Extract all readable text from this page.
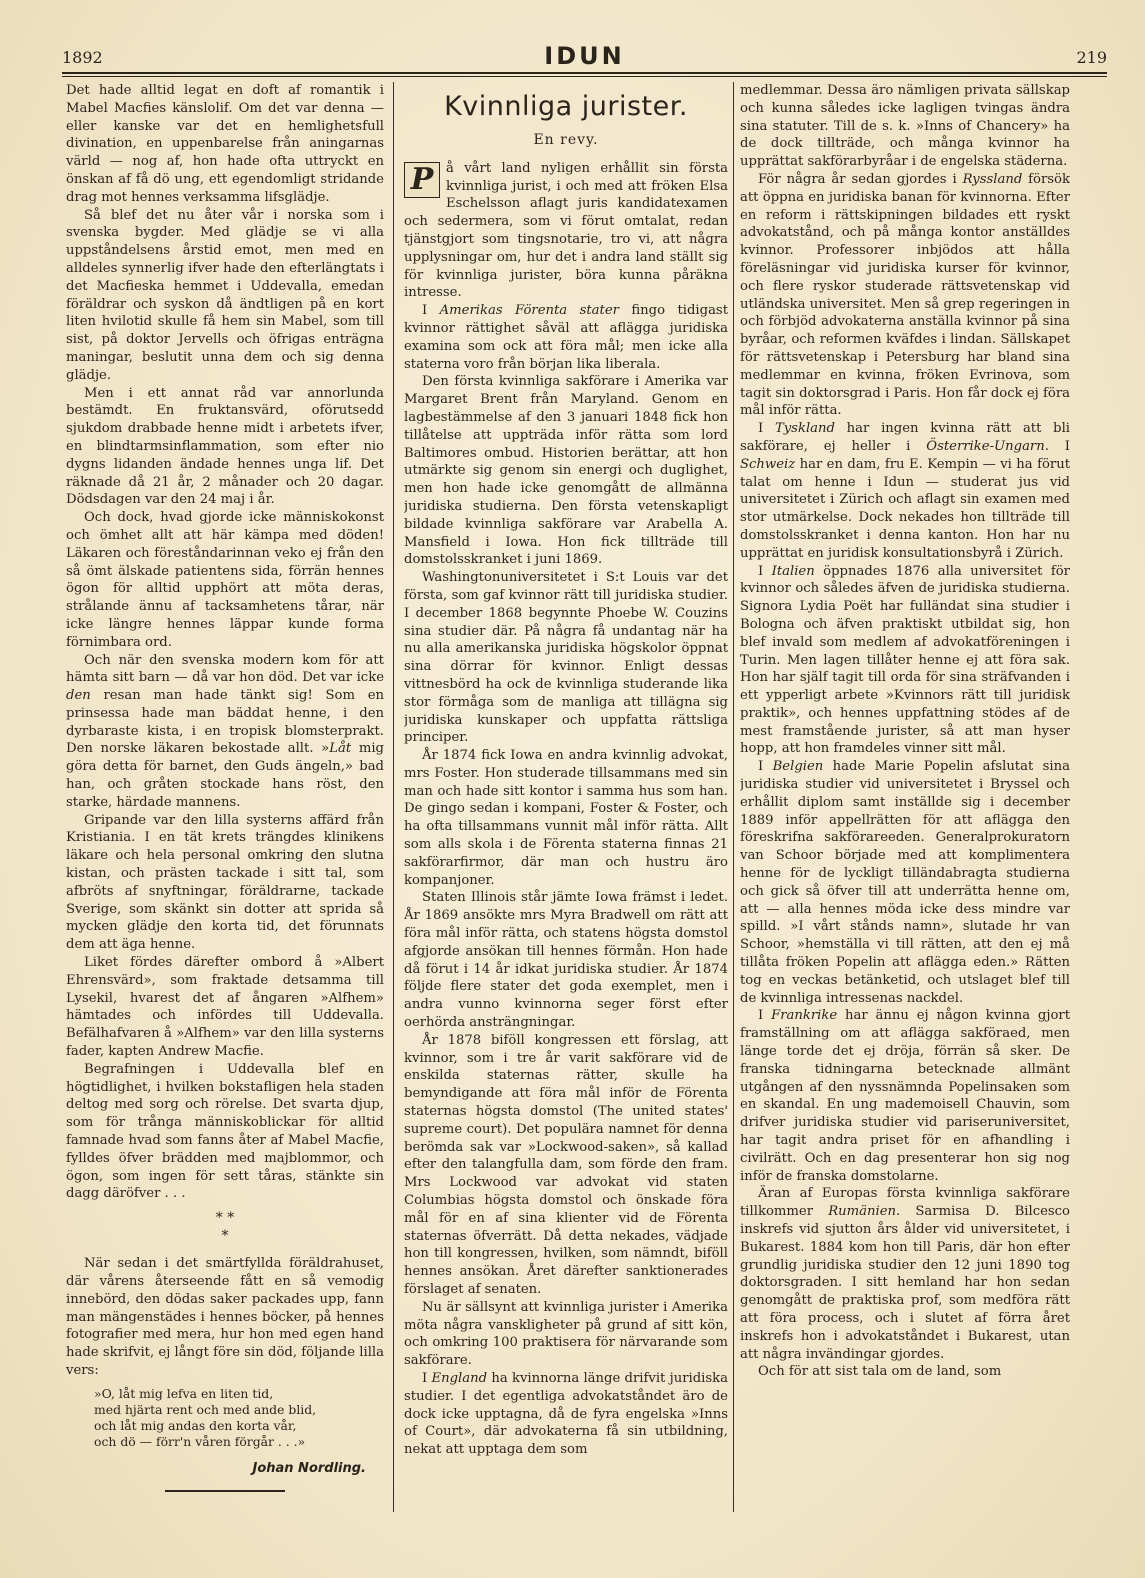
1892	IDUN	219

Det hade alltid legat en doft af romantik i Mabel Macfies känslolif. Om det var denna — eller kanske var det en hemlighetsfull divination, en uppenbarelse från aningarnas värld — nog af, hon hade ofta uttryckt en önskan af få dö ung, ett egendomligt stridande drag mot hennes verksamma lifsglädje.

Så blef det nu åter vår i norska som i svenska bygder. Med glädje se vi alla uppståndelsens årstid emot, men med en alldeles synnerlig ifver hade den efterlängtats i det Macfieska hemmet i Uddevalla, emedan föräldrar och syskon då ändtligen på en kort liten hvilotid skulle få hem sin Mabel, som till sist, på doktor Jervells och öfrigas enträgna maningar, beslutit unna dem och sig denna glädje.

Men i ett annat råd var annorlunda bestämdt. En fruktansvärd, oförutsedd sjukdom drabbade henne midt i arbetets ifver, en blindtarmsinflammation, som efter nio dygns lidanden ändade hennes unga lif. Det räknade då 21 år, 2 månader och 20 dagar. Dödsdagen var den 24 maj i år.

Och dock, hvad gjorde icke människokonst och ömhet allt att här kämpa med döden! Läkaren och föreståndarinnan veko ej från den så ömt älskade patientens sida, förrän hennes ögon för alltid upphört att möta deras, strålande ännu af tacksamhetens tårar, när icke längre hennes läppar kunde forma förnimbara ord.

Och när den svenska modern kom för att hämta sitt barn — då var hon död. Det var icke den resan man hade tänkt sig! Som en prinsessa hade man bäddat henne, i den dyrbaraste kista, i en tropisk blomsterprakt. Den norske läkaren bekostade allt. »Låt mig göra detta för barnet, den Guds ängeln,» bad han, och gråten stockade hans röst, den starke, härdade mannens.

Gripande var den lilla systerns affärd från Kristiania. I en tät krets trängdes klinikens läkare och hela personal omkring den slutna kistan, och prästen tackade i sitt tal, som afbröts af snyftningar, föräldrarne, tackade Sverige, som skänkt sin dotter att sprida så mycken glädje den korta tid, det förunnats dem att äga henne.

Liket fördes därefter ombord å »Albert Ehrensvärd», som fraktade detsamma till Lysekil, hvarest det af ångaren »Alfhem» hämtades och infördes till Uddevalla. Befälhafvaren å »Alfhem» var den lilla systerns fader, kapten Andrew Macfie.

Begrafningen i Uddevalla blef en högtidlighet, i hvilken bokstafligen hela staden deltog med sorg och rörelse. Det svarta djup, som för trånga människoblickar för alltid famnade hvad som fanns åter af Mabel Macfie, fylldes öfver brädden med majblommor, och ögon, som ingen för sett tåras, stänkte sin dagg däröfver . . .

* *
*

När sedan i det smärtfyllda föräldrahuset, där vårens återseende fått en så vemodig innebörd, den dödas saker packades upp, fann man mängenstädes i hennes böcker, på hennes fotografier med mera, hur hon med egen hand hade skrifvit, ej långt före sin död, följande lilla vers:

»O, låt mig lefva en liten tid,
med hjärta rent och med ande blid,
och låt mig andas den korta vår,
och dö — förr'n våren förgår . . .»
Johan Nordling.
Kvinnliga jurister.
En revy.

P å vårt land nyligen erhållit sin första kvinnliga jurist, i och med att fröken Elsa Eschelsson aflagt juris kandidatexamen och sedermera, som vi förut omtalat, redan tjänstgjort som tingsnotarie, tro vi, att några upplysningar om, hur det i andra land ställt sig för kvinnliga jurister, böra kunna påräkna intresse.

I Amerikas Förenta stater fingo tidigast kvinnor rättighet såväl att aflägga juridiska examina som ock att föra mål; men icke alla staterna voro från början lika liberala.

Den första kvinnliga sakförare i Amerika var Margaret Brent från Maryland. Genom en lagbestämmelse af den 3 januari 1848 fick hon tillåtelse att uppträda inför rätta som lord Baltimores ombud. Historien berättar, att hon utmärkte sig genom sin energi och duglighet, men hon hade icke genomgått de allmänna juridiska studierna. Den första vetenskapligt bildade kvinnliga sakförare var Arabella A. Mansfield i Iowa. Hon fick tillträde till domstolsskranket i juni 1869.

Washingtonuniversitetet i S:t Louis var det första, som gaf kvinnor rätt till juridiska studier. I december 1868 begynnte Phoebe W. Couzins sina studier där. På några få undantag när ha nu alla amerikanska juridiska högskolor öppnat sina dörrar för kvinnor. Enligt dessas vittnesbörd ha ock de kvinnliga studerande lika stor förmåga som de manliga att tillägna sig juridiska kunskaper och uppfatta rättsliga principer.

År 1874 fick Iowa en andra kvinnlig advokat, mrs Foster. Hon studerade tillsammans med sin man och hade sitt kontor i samma hus som han. De gingo sedan i kompani, Foster & Foster, och ha ofta tillsammans vunnit mål inför rätta. Allt som alls skola i de Förenta staterna finnas 21 sakförarfirmor, där man och hustru äro kompanjoner.

Staten Illinois står jämte Iowa främst i ledet. År 1869 ansökte mrs Myra Bradwell om rätt att föra mål inför rätta, och statens högsta domstol afgjorde ansökan till hennes förmån. Hon hade då förut i 14 år idkat juridiska studier. År 1874 följde flere stater det goda exemplet, men i andra vunno kvinnorna seger först efter oerhörda ansträngningar.

År 1878 biföll kongressen ett förslag, att kvinnor, som i tre år varit sakförare vid de enskilda staternas rätter, skulle ha bemyndigande att föra mål inför de Förenta staternas högsta domstol (The united states' supreme court). Det populära namnet för denna berömda sak var »Lockwood-saken», så kallad efter den talangfulla dam, som förde den fram. Mrs Lockwood var advokat vid staten Columbias högsta domstol och önskade föra mål för en af sina klienter vid de Förenta staternas öfverrätt. Då detta nekades, vädjade hon till kongressen, hvilken, som nämndt, biföll hennes ansökan. Året därefter sanktionerades förslaget af senaten.

Nu är sällsynt att kvinnliga jurister i Amerika möta några vanskligheter på grund af sitt kön, och omkring 100 praktisera för närvarande som sakförare.

I England ha kvinnorna länge drifvit juridiska studier. I det egentliga advokatståndet äro de dock icke upptagna, då de fyra engelska »Inns of Court», där advokaterna få sin utbildning, nekat att upptaga dem som

medlemmar. Dessa äro nämligen privata sällskap och kunna således icke lagligen tvingas ändra sina statuter. Till de s. k. »Inns of Chancery» ha de dock tillträde, och många kvinnor ha upprättat sakförarbyråar i de engelska städerna.

För några år sedan gjordes i Ryssland försök att öppna en juridiska banan för kvinnorna. Efter en reform i rättskipningen bildades ett ryskt advokatstånd, och på många kontor anställdes kvinnor. Professorer inbjödos att hålla föreläsningar vid juridiska kurser för kvinnor, och flere ryskor studerade rättsvetenskap vid utländska universitet. Men så grep regeringen in och förbjöd advokaterna anställa kvinnor på sina byråar, och reformen kväfdes i lindan. Sällskapet för rättsvetenskap i Petersburg har bland sina medlemmar en kvinna, fröken Evrinova, som tagit sin doktorsgrad i Paris. Hon får dock ej föra mål inför rätta.

I Tyskland har ingen kvinna rätt att bli sakförare, ej heller i Österrike-Ungarn. I Schweiz har en dam, fru E. Kempin — vi ha förut talat om henne i Idun — studerat jus vid universitetet i Zürich och aflagt sin examen med stor utmärkelse. Dock nekades hon tillträde till domstolsskranket i denna kanton. Hon har nu upprättat en juridisk konsultationsbyrå i Zürich.

I Italien öppnades 1876 alla universitet för kvinnor och således äfven de juridiska studierna. Signora Lydia Poët har fulländat sina studier i Bologna och äfven praktiskt utbildat sig, hon blef invald som medlem af advokatföreningen i Turin. Men lagen tillåter henne ej att föra sak. Hon har själf tagit till orda för sina sträfvanden i ett ypperligt arbete »Kvinnors rätt till juridisk praktik», och hennes uppfattning stödes af de mest framstående jurister, så att man hyser hopp, att hon framdeles vinner sitt mål.

I Belgien hade Marie Popelin afslutat sina juridiska studier vid universitetet i Bryssel och erhållit diplom samt inställde sig i december 1889 inför appellrätten för att aflägga den föreskrifna sakförareeden. Generalprokuratorn van Schoor började med att komplimentera henne för de lyckligt tilländabragta studierna och gick så öfver till att underrätta henne om, att — alla hennes möda icke dess mindre var spilld. »I vårt stånds namn», slutade hr van Schoor, »hemställa vi till rätten, att den ej må tillåta fröken Popelin att aflägga eden.» Rätten tog en veckas betänketid, och utslaget blef till de kvinnliga intressenas nackdel.

I Frankrike har ännu ej någon kvinna gjort framställning om att aflägga sakföraed, men länge torde det ej dröja, förrän så sker. De franska tidningarna betecknade allmänt utgången af den nyssnämnda Popelinsaken som en skandal. En ung mademoisell Chauvin, som drifver juridiska studier vid pariseruniversitet, har tagit andra priset för en afhandling i civilrätt. Och en dag presenterar hon sig nog inför de franska domstolarne.

Äran af Europas första kvinnliga sakförare tillkommer Rumänien. Sarmisa D. Bilcesco inskrefs vid sjutton års ålder vid universitetet, i Bukarest. 1884 kom hon till Paris, där hon efter grundlig juridiska studier den 12 juni 1890 tog doktorsgraden. I sitt hemland har hon sedan genomgått de praktiska prof, som medföra rätt att föra process, och i slutet af förra året inskrefs hon i advokatståndet i Bukarest, utan att några invändingar gjordes.

Och för att sist tala om de land, som
